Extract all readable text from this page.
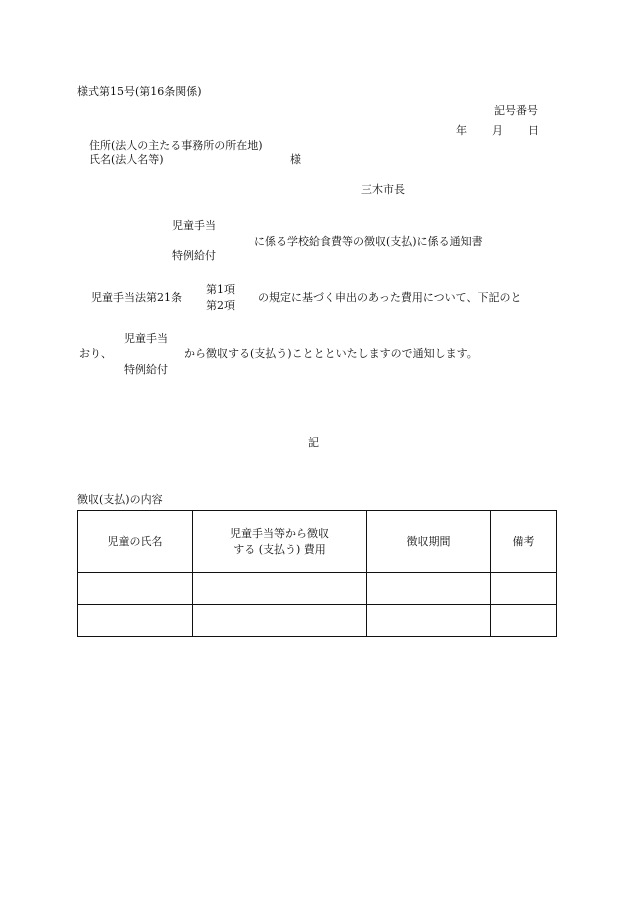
様式第15号(第16条関係)
記号番号
年 月 日
住所(法人の主たる事務所の所在地)
氏名(法人名等)	様
三木市長
児童手当
に係る学校給食費等の徴収(支払)に係る通知書
特例給付
児童手当法第21条
第1項
第2項
の規定に基づく申出のあった費用について、下記のと
児童手当
おり、	から徴収する(支払う)こととといたしますので通知します。
特例給付
記
徴収(支払)の内容
児童の氏名	児童手当等から徴収する (支払う) 費用	徴収期間	備考
